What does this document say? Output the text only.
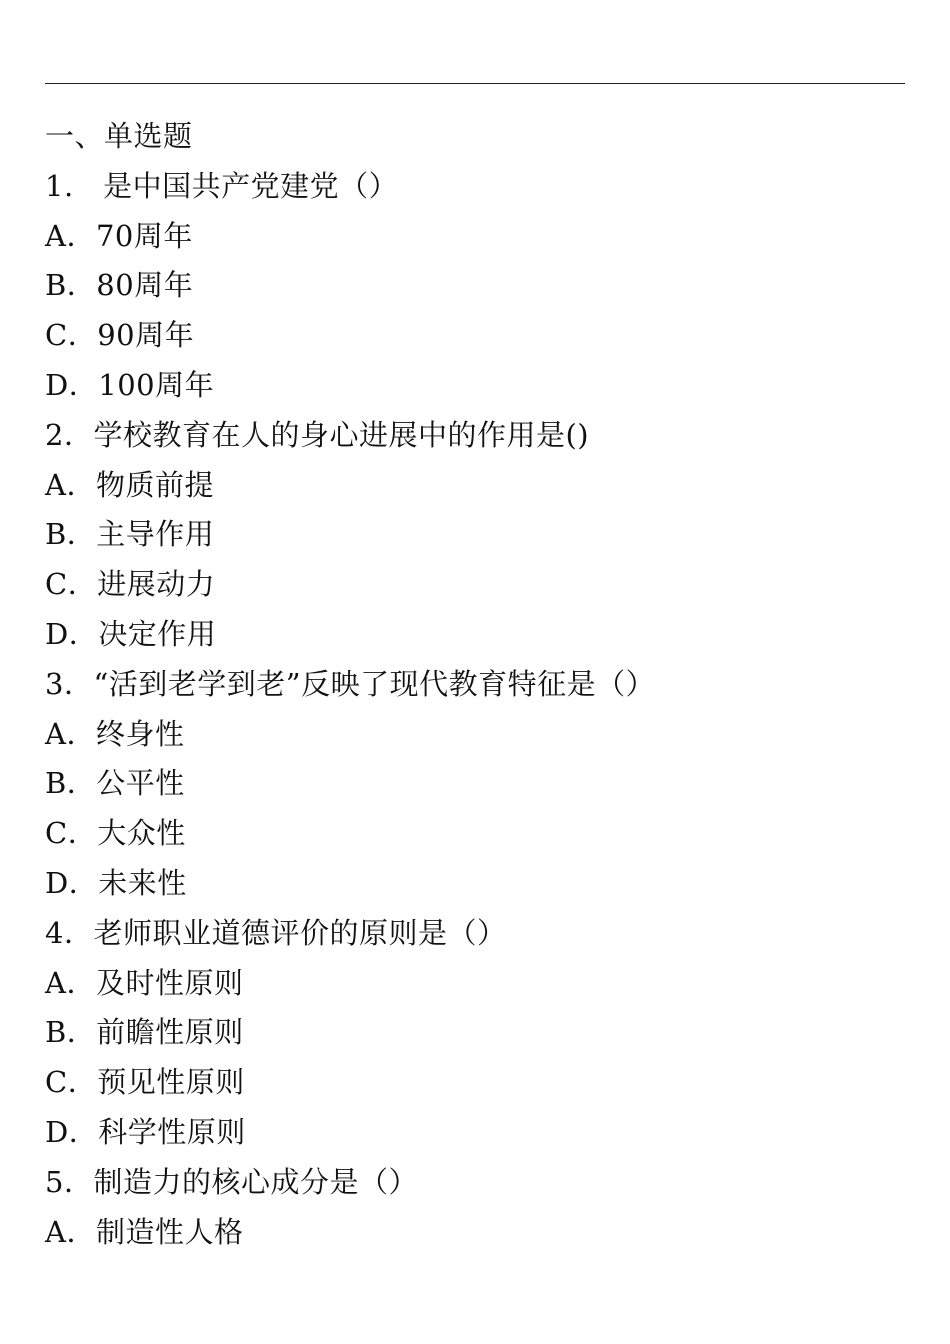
一、单选题
1.　是中国共产党建党（）
A．70周年
B．80周年
C．90周年
D．100周年
2．学校教育在人的身心进展中的作用是()
A．物质前提
B．主导作用
C．进展动力
D．决定作用
3．“活到老学到老”反映了现代教育特征是（）
A．终身性
B．公平性
C．大众性
D．未来性
4．老师职业道德评价的原则是（）
A．及时性原则
B．前瞻性原则
C．预见性原则
D．科学性原则
5．制造力的核心成分是（）
A．制造性人格
